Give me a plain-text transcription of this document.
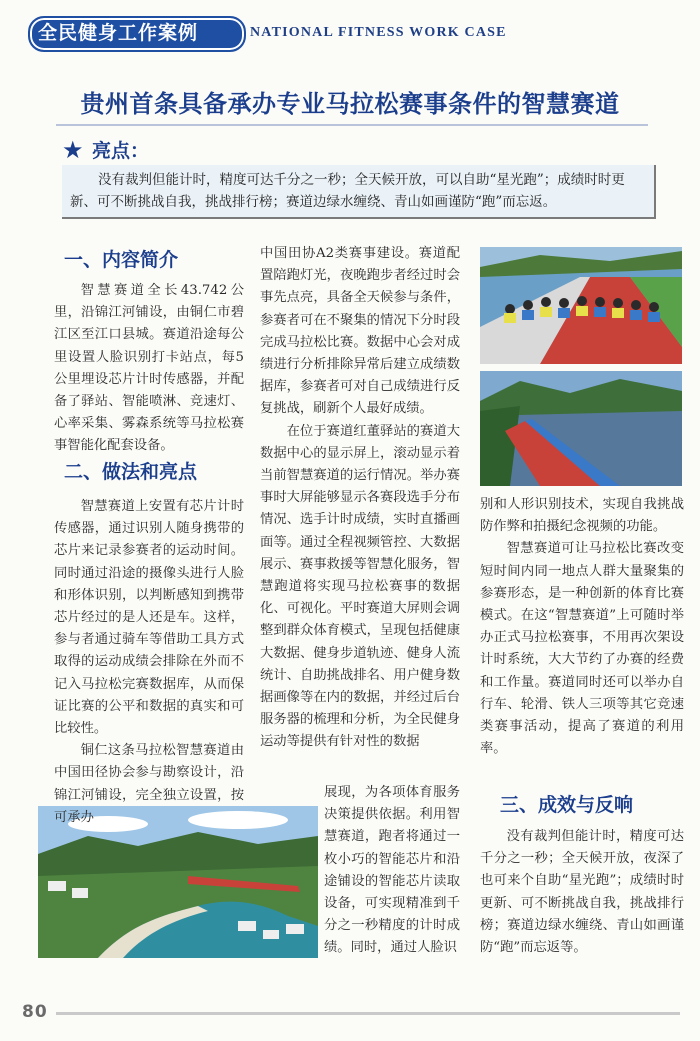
全民健身工作案例	NATIONAL FITNESS WORK CASE
贵州首条具备承办专业马拉松赛事条件的智慧赛道
★ 亮点：
没有裁判但能计时，精度可达千分之一秒；全天候开放，可以自助“星光跑”；成绩时时更新、可不断挑战自我，挑战排行榜；赛道边绿水缠绕、青山如画谨防“跑”而忘返。
一、内容简介

智慧赛道全长43.742公里，沿锦江河铺设，由铜仁市碧江区至江口县城。赛道沿途每公里设置人脸识别打卡站点，每5公里埋设芯片计时传感器，并配备了驿站、智能喷淋、竞速灯、心率采集、雾森系统等马拉松赛事智能化配套设备。

二、做法和亮点

智慧赛道上安置有芯片计时传感器，通过识别人随身携带的芯片来记录参赛者的运动时间。同时通过沿途的摄像头进行人脸和形体识别，以判断感知到携带芯片经过的是人还是车。这样，参与者通过骑车等借助工具方式取得的运动成绩会排除在外而不记入马拉松完赛数据库，从而保证比赛的公平和数据的真实和可比较性。

铜仁这条马拉松智慧赛道由中国田径协会参与勘察设计，沿锦江河铺设，完全独立设置，按可承办

中国田协A2类赛事建设。赛道配置陪跑灯光，夜晚跑步者经过时会事先点亮，具备全天候参与条件，参赛者可在不聚集的情况下分时段完成马拉松比赛。数据中心会对成绩进行分析排除异常后建立成绩数据库，参赛者可对自己成绩进行反复挑战，刷新个人最好成绩。

在位于赛道红董驿站的赛道大数据中心的显示屏上，滚动显示着当前智慧赛道的运行情况。举办赛事时大屏能够显示各赛段选手分布情况、选手计时成绩，实时直播画面等。通过全程视频管控、大数据展示、赛事救援等智慧化服务，智慧跑道将实现马拉松赛事的数据化、可视化。平时赛道大屏则会调整到群众体育模式，呈现包括健康大数据、健身步道轨迹、健身人流统计、自助挑战排名、用户健身数据画像等在内的数据，并经过后台服务器的梳理和分析，为全民健身运动等提供有针对性的数据

展现，为各项体育服务决策提供依据。利用智慧赛道，跑者将通过一枚小巧的智能芯片和沿途铺设的智能芯片读取设备，可实现精准到千分之一秒精度的计时成绩。同时，通过人脸识

别和人形识别技术，实现自我挑战防作弊和拍摄纪念视频的功能。

智慧赛道可让马拉松比赛改变短时间内同一地点人群大量聚集的参赛形态，是一种创新的体育比赛模式。在这“智慧赛道”上可随时举办正式马拉松赛事，不用再次架设计时系统，大大节约了办赛的经费和工作量。赛道同时还可以举办自行车、轮滑、铁人三项等其它竞速类赛事活动，提高了赛道的利用率。

三、成效与反响

没有裁判但能计时，精度可达千分之一秒；全天候开放，夜深了也可来个自助“星光跑”；成绩时时更新、可不断挑战自我，挑战排行榜；赛道边绿水缠绕、青山如画谨防“跑”而忘返等。

80
